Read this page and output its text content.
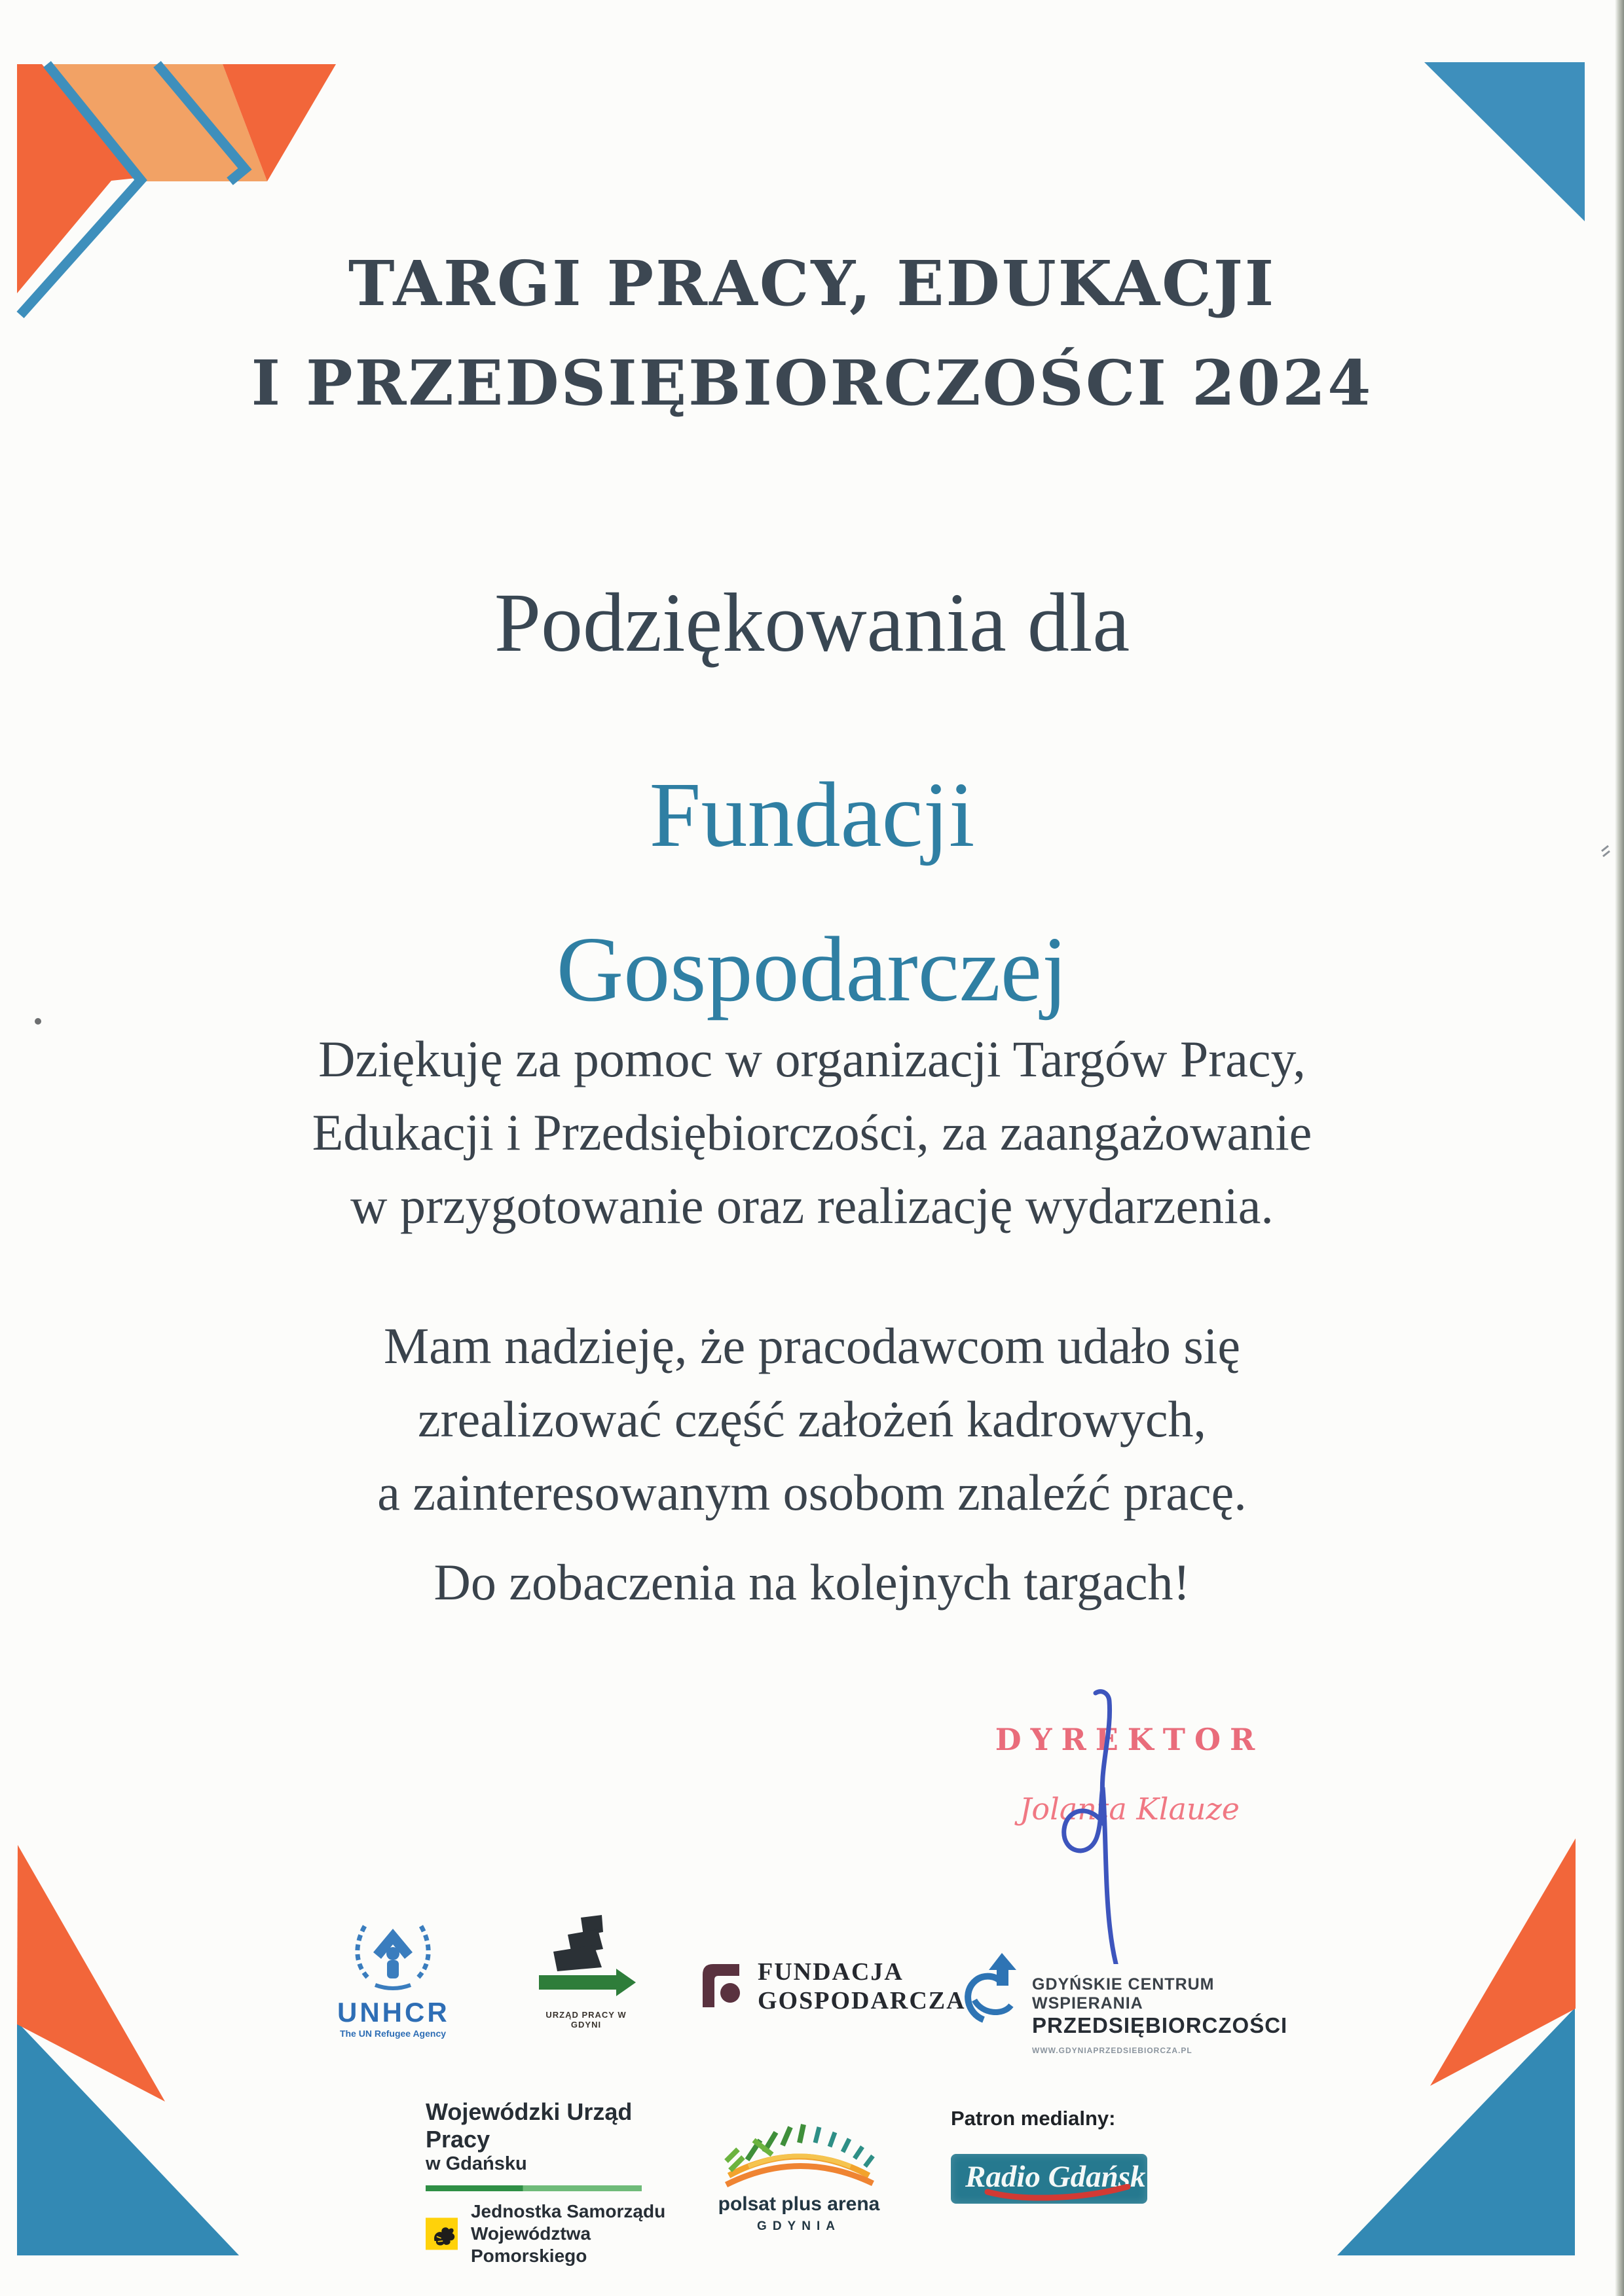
TARGI PRACY, EDUKACJI
I PRZEDSIĘBIORCZOŚCI 2024
Podziękowania dla
Fundacji
Gospodarczej
Dziękuję za pomoc w organizacji Targów Pracy,
Edukacji i Przedsiębiorczości, za zaangażowanie
w przygotowanie oraz realizację wydarzenia.
Mam nadzieję, że pracodawcom udało się
zrealizować część założeń kadrowych,
a zainteresowanym osobom znaleźć pracę.
Do zobaczenia na kolejnych targach!
DYREKTOR
Jolanta Klauze
UNHCR
The UN Refugee Agency
URZĄD PRACY W GDYNI
FUNDACJA
GOSPODARCZA
GDYŃSKIE CENTRUM WSPIERANIA
PRZEDSIĘBIORCZOŚCI
WWW.GDYNIAPRZEDSIEBIORCZA.PL
Wojewódzki Urząd Pracy
w Gdańsku
Jednostka Samorządu
Województwa Pomorskiego
polsat plus arena
GDYNIA
Patron medialny:
Radio Gdańsk
